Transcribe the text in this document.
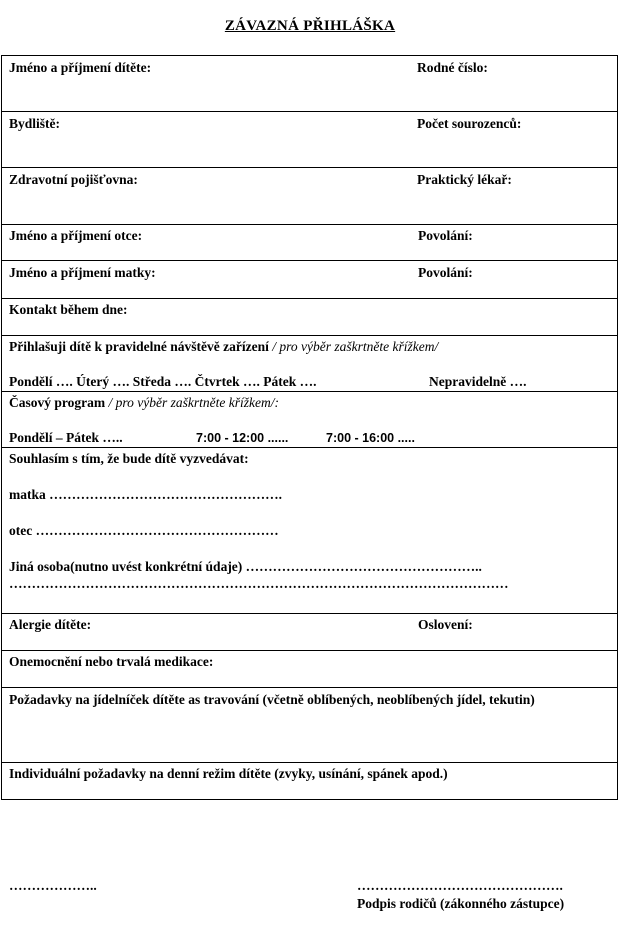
ZÁVAZNÁ PŘIHLÁŠKA
Jméno a příjmení dítěte:	Rodné číslo:
Bydliště:	Počet sourozenců:
Zdravotní pojišťovna:	Praktický lékař:
Jméno a příjmení otce:	Povolání:
Jméno a příjmení matky:	Povolání:
Kontakt během dne:
Přihlašuji dítě k pravidelné návštěvě zařízení / pro výběr zaškrtněte křížkem/
Pondělí …. Úterý …. Středa …. Čtvrtek …. Pátek ….	Nepravidelně ….
Časový program / pro výběr zaškrtněte křížkem/:
Pondělí – Pátek …..	7:00 - 12:00 ......	7:00 - 16:00 .....
Souhlasím s tím, že bude dítě vyzvedávat:
matka …………………………………………….
otec ………………………………………………
Jiná osoba(nutno uvést konkrétní údaje) ……………………………………………..
…………………………………………………………………………………………………
Alergie dítěte:	Oslovení:
Onemocnění nebo trvalá medikace:
Požadavky na jídelníček dítěte as travování (včetně oblíbených, neoblíbených jídel, tekutin)
Individuální požadavky na denní režim dítěte (zvyky, usínání, spánek apod.)
………………..	……………………………………….
Podpis rodičů (zákonného zástupce)
